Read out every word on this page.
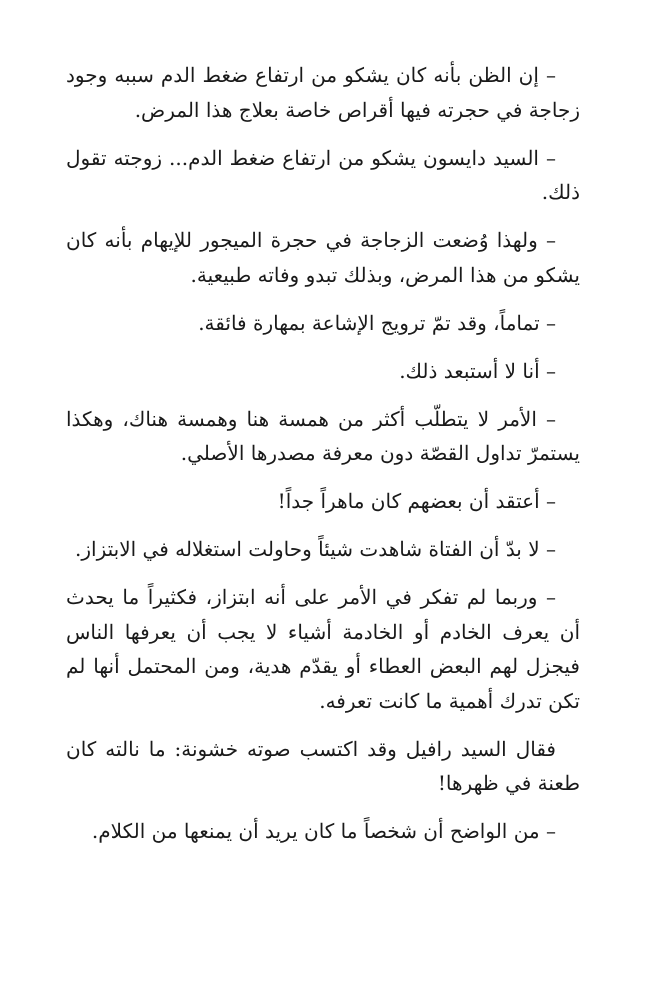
– إن الظن بأنه كان يشكو من ارتفاع ضغط الدم سببه وجود زجاجة في حجرته فيها أقراص خاصة بعلاج هذا المرض.

– السيد دايسون يشكو من ارتفاع ضغط الدم... زوجته تقول ذلك.

– ولهذا وُضعت الزجاجة في حجرة الميجور للإيهام بأنه كان يشكو من هذا المرض، وبذلك تبدو وفاته طبيعية.

– تماماً، وقد تمّ ترويج الإشاعة بمهارة فائقة.

– أنا لا أستبعد ذلك.

– الأمر لا يتطلّب أكثر من همسة هنا وهمسة هناك، وهكذا يستمرّ تداول القصّة دون معرفة مصدرها الأصلي.

– أعتقد أن بعضهم كان ماهراً جداً!

– لا بدّ أن الفتاة شاهدت شيئاً وحاولت استغلاله في الابتزاز.

– وربما لم تفكر في الأمر على أنه ابتزاز، فكثيراً ما يحدث أن يعرف الخادم أو الخادمة أشياء لا يجب أن يعرفها الناس فيجزل لهم البعض العطاء أو يقدّم هدية، ومن المحتمل أنها لم تكن تدرك أهمية ما كانت تعرفه.

فقال السيد رافيل وقد اكتسب صوته خشونة: ما نالته كان طعنة في ظهرها!

– من الواضح أن شخصاً ما كان يريد أن يمنعها من الكلام.
